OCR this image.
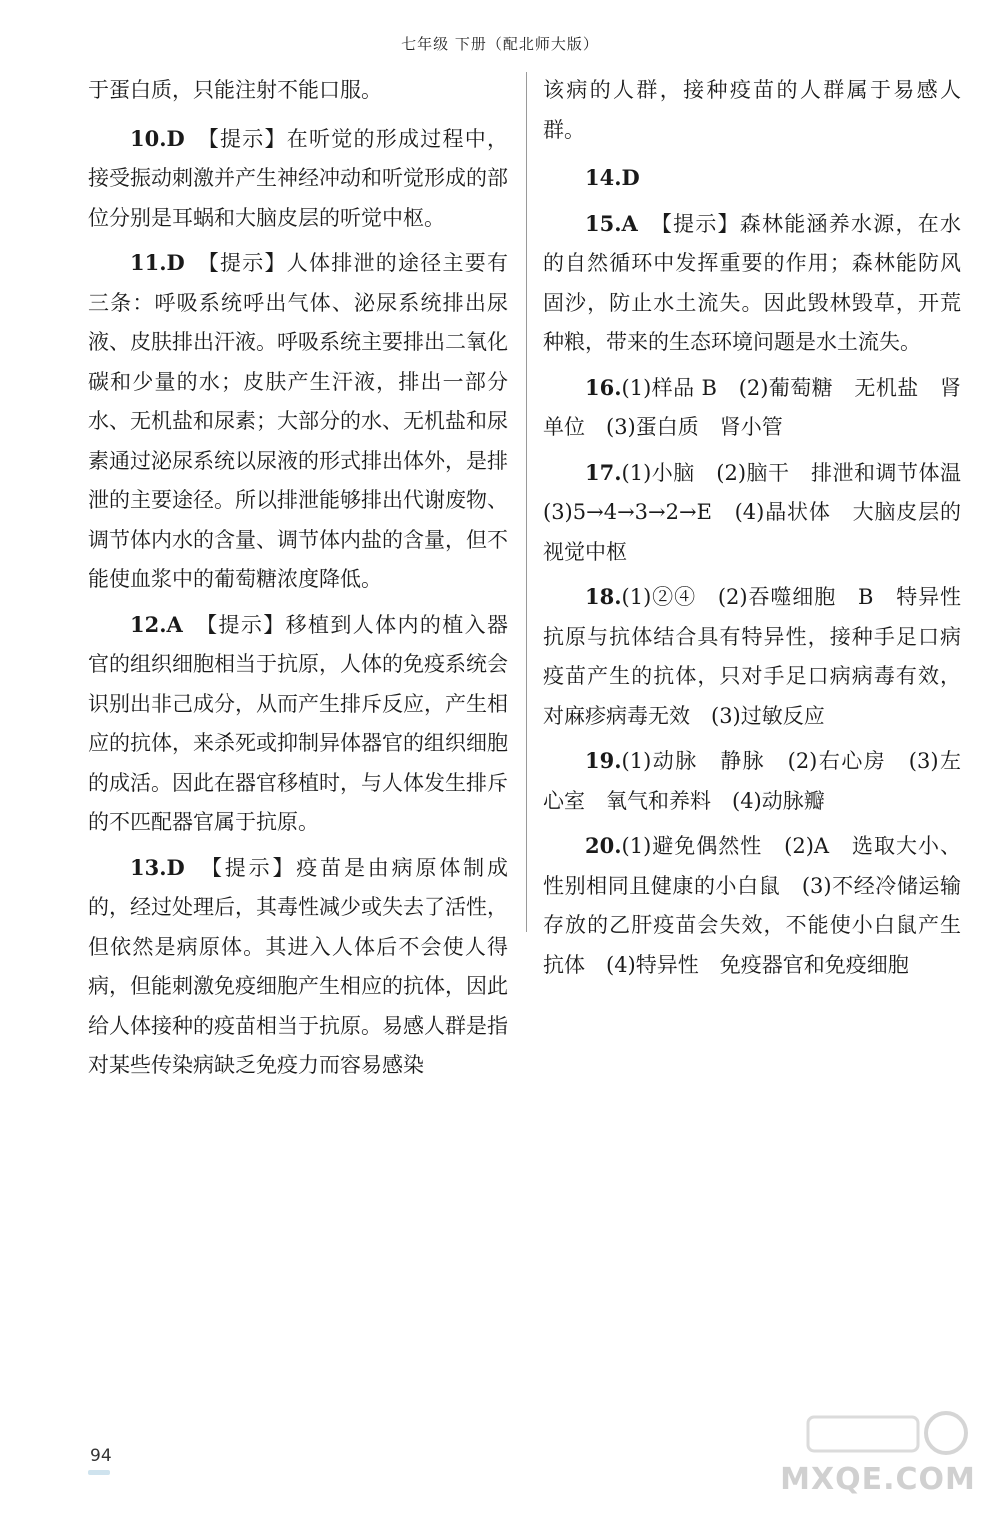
七年级 下册（配北师大版）

于蛋白质，只能注射不能口服。

10.D　 【提示】在听觉的形成过程中，接受振动刺激并产生神经冲动和听觉形成的部位分别是耳蜗和大脑皮层的听觉中枢。

11.D　 【提示】人体排泄的途径主要有三条：呼吸系统呼出气体、泌尿系统排出尿液、皮肤排出汗液。呼吸系统主要排出二氧化碳和少量的水；皮肤产生汗液，排出一部分水、无机盐和尿素；大部分的水、无机盐和尿素通过泌尿系统以尿液的形式排出体外，是排泄的主要途径。所以排泄能够排出代谢废物、调节体内水的含量、调节体内盐的含量，但不能使血浆中的葡萄糖浓度降低。

12.A　 【提示】移植到人体内的植入器官的组织细胞相当于抗原，人体的免疫系统会识别出非己成分，从而产生排斥反应，产生相应的抗体，来杀死或抑制异体器官的组织细胞的成活。因此在器官移植时，与人体发生排斥的不匹配器官属于抗原。

13.D　 【提示】疫苗是由病原体制成的，经过处理后，其毒性减少或失去了活性，但依然是病原体。其进入人体后不会使人得病，但能刺激免疫细胞产生相应的抗体，因此给人体接种的疫苗相当于抗原。易感人群是指对某些传染病缺乏免疫力而容易感染

该病的人群，接种疫苗的人群属于易感人群。

14.D

15.A　 【提示】森林能涵养水源，在水的自然循环中发挥重要的作用；森林能防风固沙，防止水土流失。因此毁林毁草，开荒种粮，带来的生态环境问题是水土流失。

16.(1)样品 B　(2)葡萄糖　无机盐　肾单位　(3)蛋白质　肾小管

17.(1)小脑　(2)脑干　排泄和调节体温　(3)5→4→3→2→E　(4)晶状体　大脑皮层的视觉中枢

18.(1)②④　(2)吞噬细胞　B　特异性　抗原与抗体结合具有特异性，接种手足口病疫苗产生的抗体，只对手足口病病毒有效，对麻疹病毒无效　(3)过敏反应

19.(1)动脉　静脉　(2)右心房　(3)左心室　氧气和养料　(4)动脉瓣

20.(1)避免偶然性　(2)A　选取大小、性别相同且健康的小白鼠　(3)不经冷储运输存放的乙肝疫苗会失效，不能使小白鼠产生抗体　(4)特异性　免疫器官和免疫细胞

94
MXQE.COM
